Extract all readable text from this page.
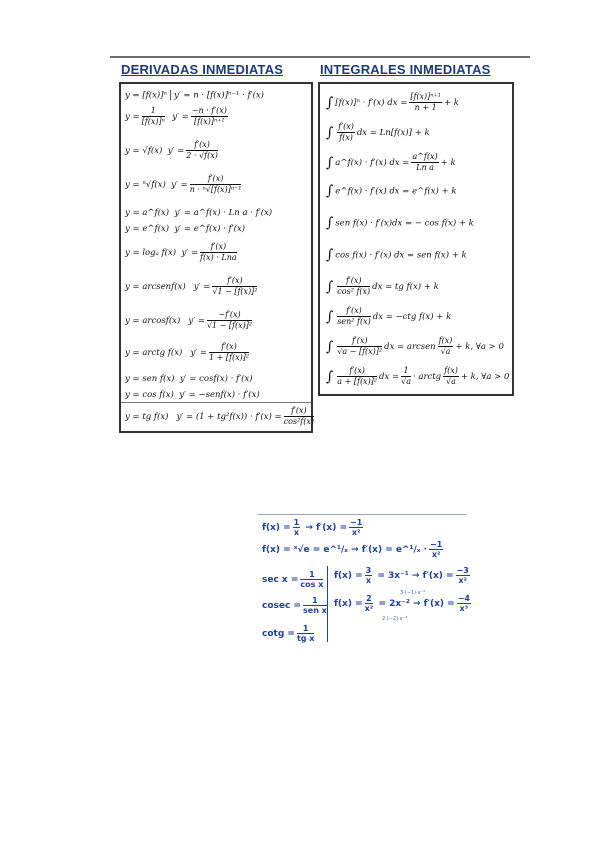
DERIVADAS INMEDIATAS	INTEGRALES INMEDIATAS
y = [f(x)]ⁿ y′ = n · [f(x)]ⁿ⁻¹ · f′(x)
$y = \frac{1}{\text{[f(x)]ⁿ}} y' = \frac{-n \cdot f'(x)}{\text{[f(x)]ⁿ⁺¹}}$
y = √f(x) $y' = \frac{f'(x)}{2 \cdot √f(x)}$
y = ⁿ√f(x) $y' = \frac{f'(x)}{\text{n · ⁿ√[f(x)]ⁿ⁻¹}}$
y = a^f(x) y′ = a^f(x) · Ln a · f′(x)
y = e^f(x) y′ = e^f(x) · f′(x)
y = logₐ f(x) $y' = \frac{f'(x)}{\text{f(x) · Lna}}$
y = arcsenf(x) $y' = \frac{f'(x)}{\text{√1 − [f(x)]²}}$
y = arcosf(x) $y' = \frac{-f'(x)}{\text{√1 − [f(x)]²}}$
y = arctg f(x) $y' = \frac{f'(x)}{\text{1 + [f(x)]²}}$
y = sen f(x) y′ = cosf(x) · f′(x)
y = cos f(x) y′ = −senf(x) · f′(x)
y = tg f(x) $y' = (1 + tg^2f(x)) \cdot f'(x) = \frac{f'(x)}{\text{cos²f(x)}}$
∫ [f(x)]ⁿ · f′(x) dx = $\frac{\text{[f(x)]ⁿ⁺¹}}{n + 1} + k$
∫ $\frac{f'(x)}{f(x)}$ dx = Ln[f(x)] + k
∫ a^f(x) · f′(x) dx = $\frac{a\^{}f(x)}{\text{Ln a}} + k$
∫ e^f(x) · f′(x) dx = e^f(x) + k
∫ sen f(x) · f′(x)dx = − cos f(x) + k
∫ cos f(x) · f′(x) dx = sen f(x) + k
∫ $\frac{f'(x)}{\text{cos² f(x)}}$ dx = tg f(x) + k
∫ $\frac{f'(x)}{\text{sen² f(x)}}$ dx = −ctg f(x) + k
∫ $\frac{f'(x)}{\text{√a − [f(x)]²}}$ dx = arcsen $\frac{f(x)}{√a} + k$, ∀a > 0
∫ $\frac{f'(x)}{\text{a + [f(x)]²}}$ dx = $\frac{1}{√a}$ · arctg $\frac{f(x)}{√a} + k$, ∀a > 0
$f(x) = \frac{1}{x} \to f'(x) = \frac{-1}{\text{x²}}$
f(x) = ˣ√e = e^¹/ₓ → f′(x) = e^¹/ₓ · $\frac{-1}{\text{x²}}$
$\sec x = \frac{1}{\text{cos x}} f(x) = \frac{3}{x} = 3x^{-1} \to f'(x) = \frac{-3}{\text{x²}}$
3·(−1)·x⁻²
$cosec = \frac{1}{\text{sen x}} f(x) = \frac{2}{\text{x²}} = 2x^{-2} \to f'(x) = \frac{-4}{\text{x³}}$
2·(−2)·x⁻³
$\cot g = \frac{1}{\text{tg x}}$
